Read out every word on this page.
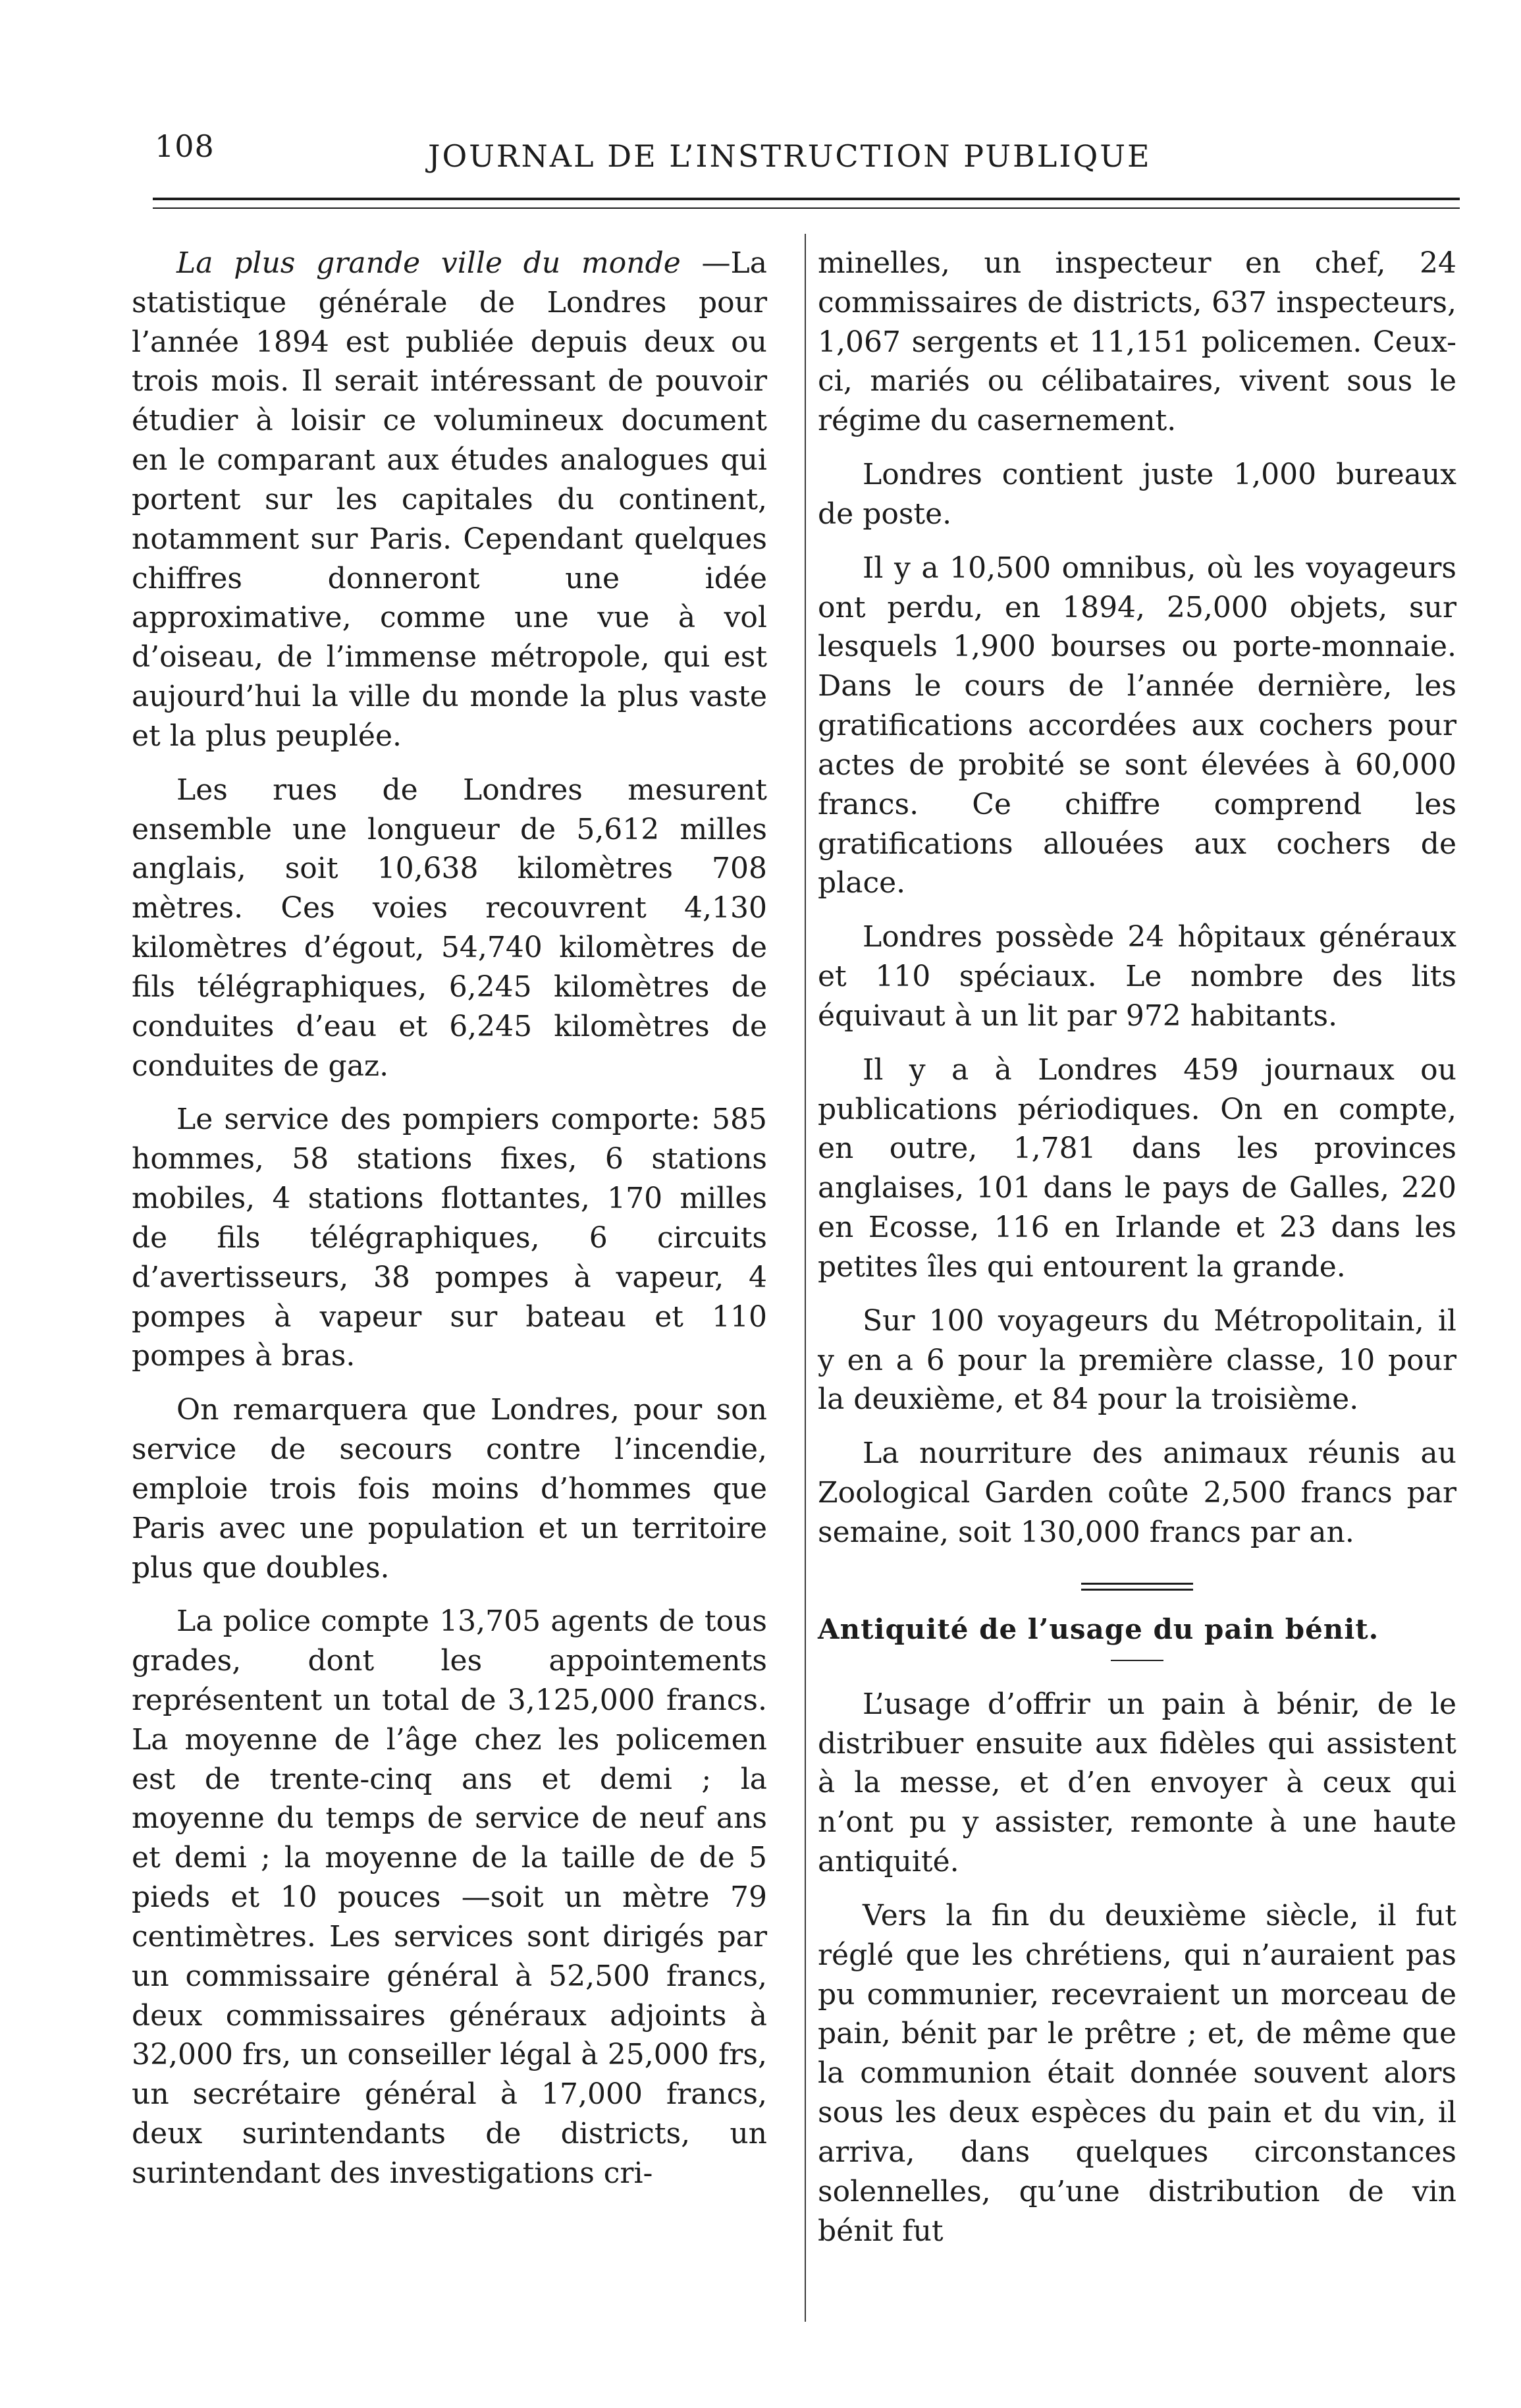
108	JOURNAL DE L’INSTRUCTION PUBLIQUE

La plus grande ville du monde —La statistique générale de Londres pour l’année 1894 est publiée depuis deux ou trois mois. Il serait intéressant de pouvoir étudier à loisir ce volumineux document en le comparant aux études analogues qui portent sur les capitales du continent, notamment sur Paris. Cependant quelques chiffres donneront une idée approximative, comme une vue à vol d’oiseau, de l’immense métropole, qui est aujourd’hui la ville du monde la plus vaste et la plus peuplée.

Les rues de Londres mesurent ensemble une longueur de 5,612 milles anglais, soit 10,638 kilomètres 708 mètres. Ces voies recouvrent 4,130 kilomètres d’égout, 54,740 kilomètres de fils télégraphiques, 6,245 kilomètres de conduites d’eau et 6,245 kilomètres de conduites de gaz.

Le service des pompiers comporte: 585 hommes, 58 stations fixes, 6 stations mobiles, 4 stations flottantes, 170 milles de fils télégraphiques, 6 circuits d’avertisseurs, 38 pompes à vapeur, 4 pompes à vapeur sur bateau et 110 pompes à bras.

On remarquera que Londres, pour son service de secours contre l’incendie, emploie trois fois moins d’hommes que Paris avec une population et un territoire plus que doubles.

La police compte 13,705 agents de tous grades, dont les appointements représentent un total de 3,125,000 francs. La moyenne de l’âge chez les policemen est de trente-cinq ans et demi ; la moyenne du temps de service de neuf ans et demi ; la moyenne de la taille de de 5 pieds et 10 pouces —soit un mètre 79 centimètres. Les services sont dirigés par un commissaire général à 52,500 francs, deux commissaires généraux adjoints à 32,000 frs, un conseiller légal à 25,000 frs, un secrétaire général à 17,000 francs, deux surintendants de districts, un surintendant des investigations cri-

minelles, un inspecteur en chef, 24 commissaires de districts, 637 inspecteurs, 1,067 sergents et 11,151 policemen. Ceux-ci, mariés ou célibataires, vivent sous le régime du casernement.

Londres contient juste 1,000 bureaux de poste.

Il y a 10,500 omnibus, où les voyageurs ont perdu, en 1894, 25,000 objets, sur lesquels 1,900 bourses ou porte-monnaie. Dans le cours de l’année dernière, les gratifications accordées aux cochers pour actes de probité se sont élevées à 60,000 francs. Ce chiffre comprend les gratifications allouées aux cochers de place.

Londres possède 24 hôpitaux généraux et 110 spéciaux. Le nombre des lits équivaut à un lit par 972 habitants.

Il y a à Londres 459 journaux ou publications périodiques. On en compte, en outre, 1,781 dans les provinces anglaises, 101 dans le pays de Galles, 220 en Ecosse, 116 en Irlande et 23 dans les petites îles qui entourent la grande.

Sur 100 voyageurs du Métropolitain, il y en a 6 pour la première classe, 10 pour la deuxième, et 84 pour la troisième.

La nourriture des animaux réunis au Zoological Garden coûte 2,500 francs par semaine, soit 130,000 francs par an.

Antiquité de l’usage du pain bénit.

L’usage d’offrir un pain à bénir, de le distribuer ensuite aux fidèles qui assistent à la messe, et d’en envoyer à ceux qui n’ont pu y assister, remonte à une haute antiquité.

Vers la fin du deuxième siècle, il fut réglé que les chrétiens, qui n’auraient pas pu communier, recevraient un morceau de pain, bénit par le prêtre ; et, de même que la communion était donnée souvent alors sous les deux espèces du pain et du vin, il arriva, dans quelques circonstances solennelles, qu’une distribution de vin bénit fut
